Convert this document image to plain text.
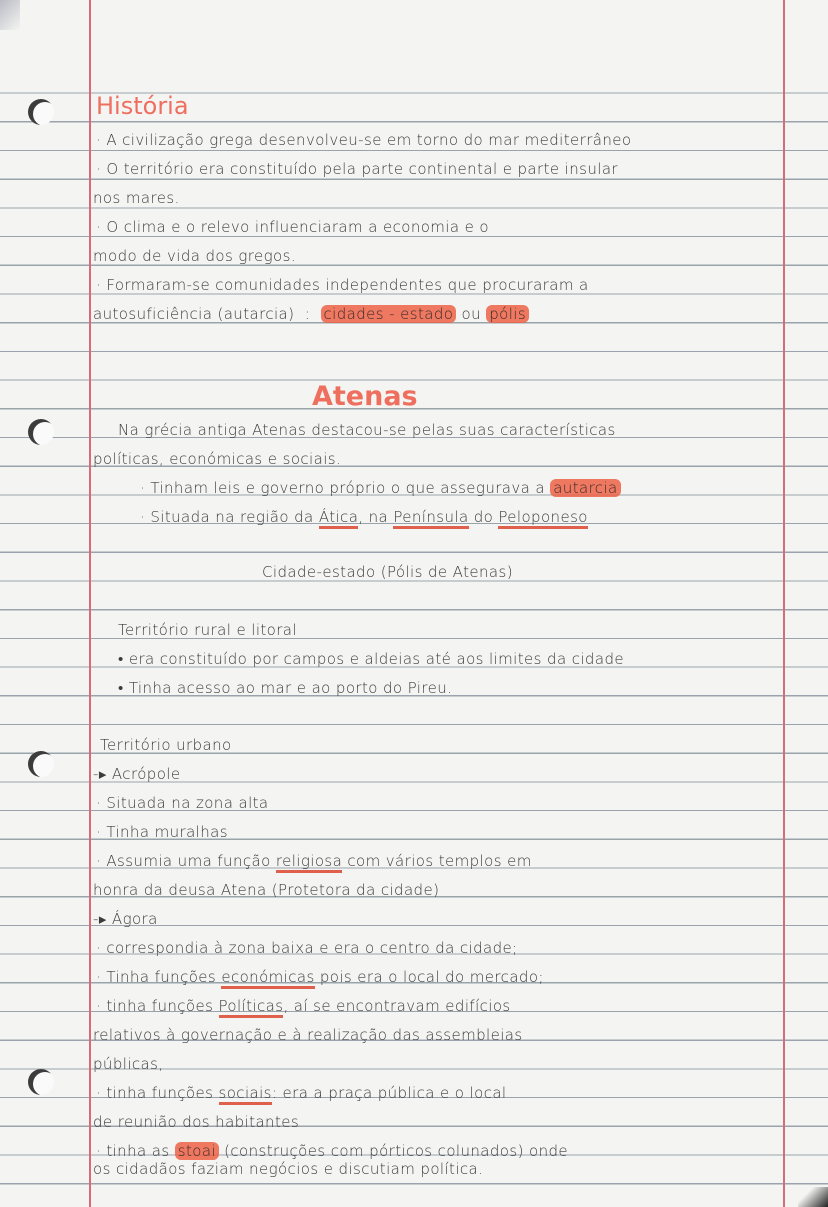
História
· A civilização grega desenvolveu-se em torno do mar mediterrâneo
· O território era constituído pela parte continental e parte insular
nos mares.
· O clima e o relevo influenciaram a economia e o
modo de vida dos gregos.
· Formaram-se comunidades independentes que procuraram a
autosuficiência (autarcia)  :  cidades - estado ou pólis
Atenas
Na grécia antiga Atenas destacou-se pelas suas características
políticas, económicas e sociais.
· Tinham leis e governo próprio o que assegurava a autarcia
· Situada na região da Ática, na Península do Peloponeso
Cidade-estado (Pólis de Atenas)
Território rural e litoral
• era constituído por campos e aldeias até aos limites da cidade
• Tinha acesso ao mar e ao porto do Pireu.
Território urbano
-▸ Acrópole
· Situada na zona alta
· Tinha muralhas
· Assumia uma função religiosa com vários templos em
honra da deusa Atena (Protetora da cidade)
-▸ Ágora
· correspondia à zona baixa e era o centro da cidade;
· Tinha funções económicas pois era o local do mercado;
· tinha funções Políticas, aí se encontravam edifícios
relativos à governação e à realização das assembleias
públicas,
· tinha funções sociais: era a praça pública e o local
de reunião dos habitantes
· tinha as stoai (construções com pórticos colunados) onde
os cidadãos faziam negócios e discutiam política.
